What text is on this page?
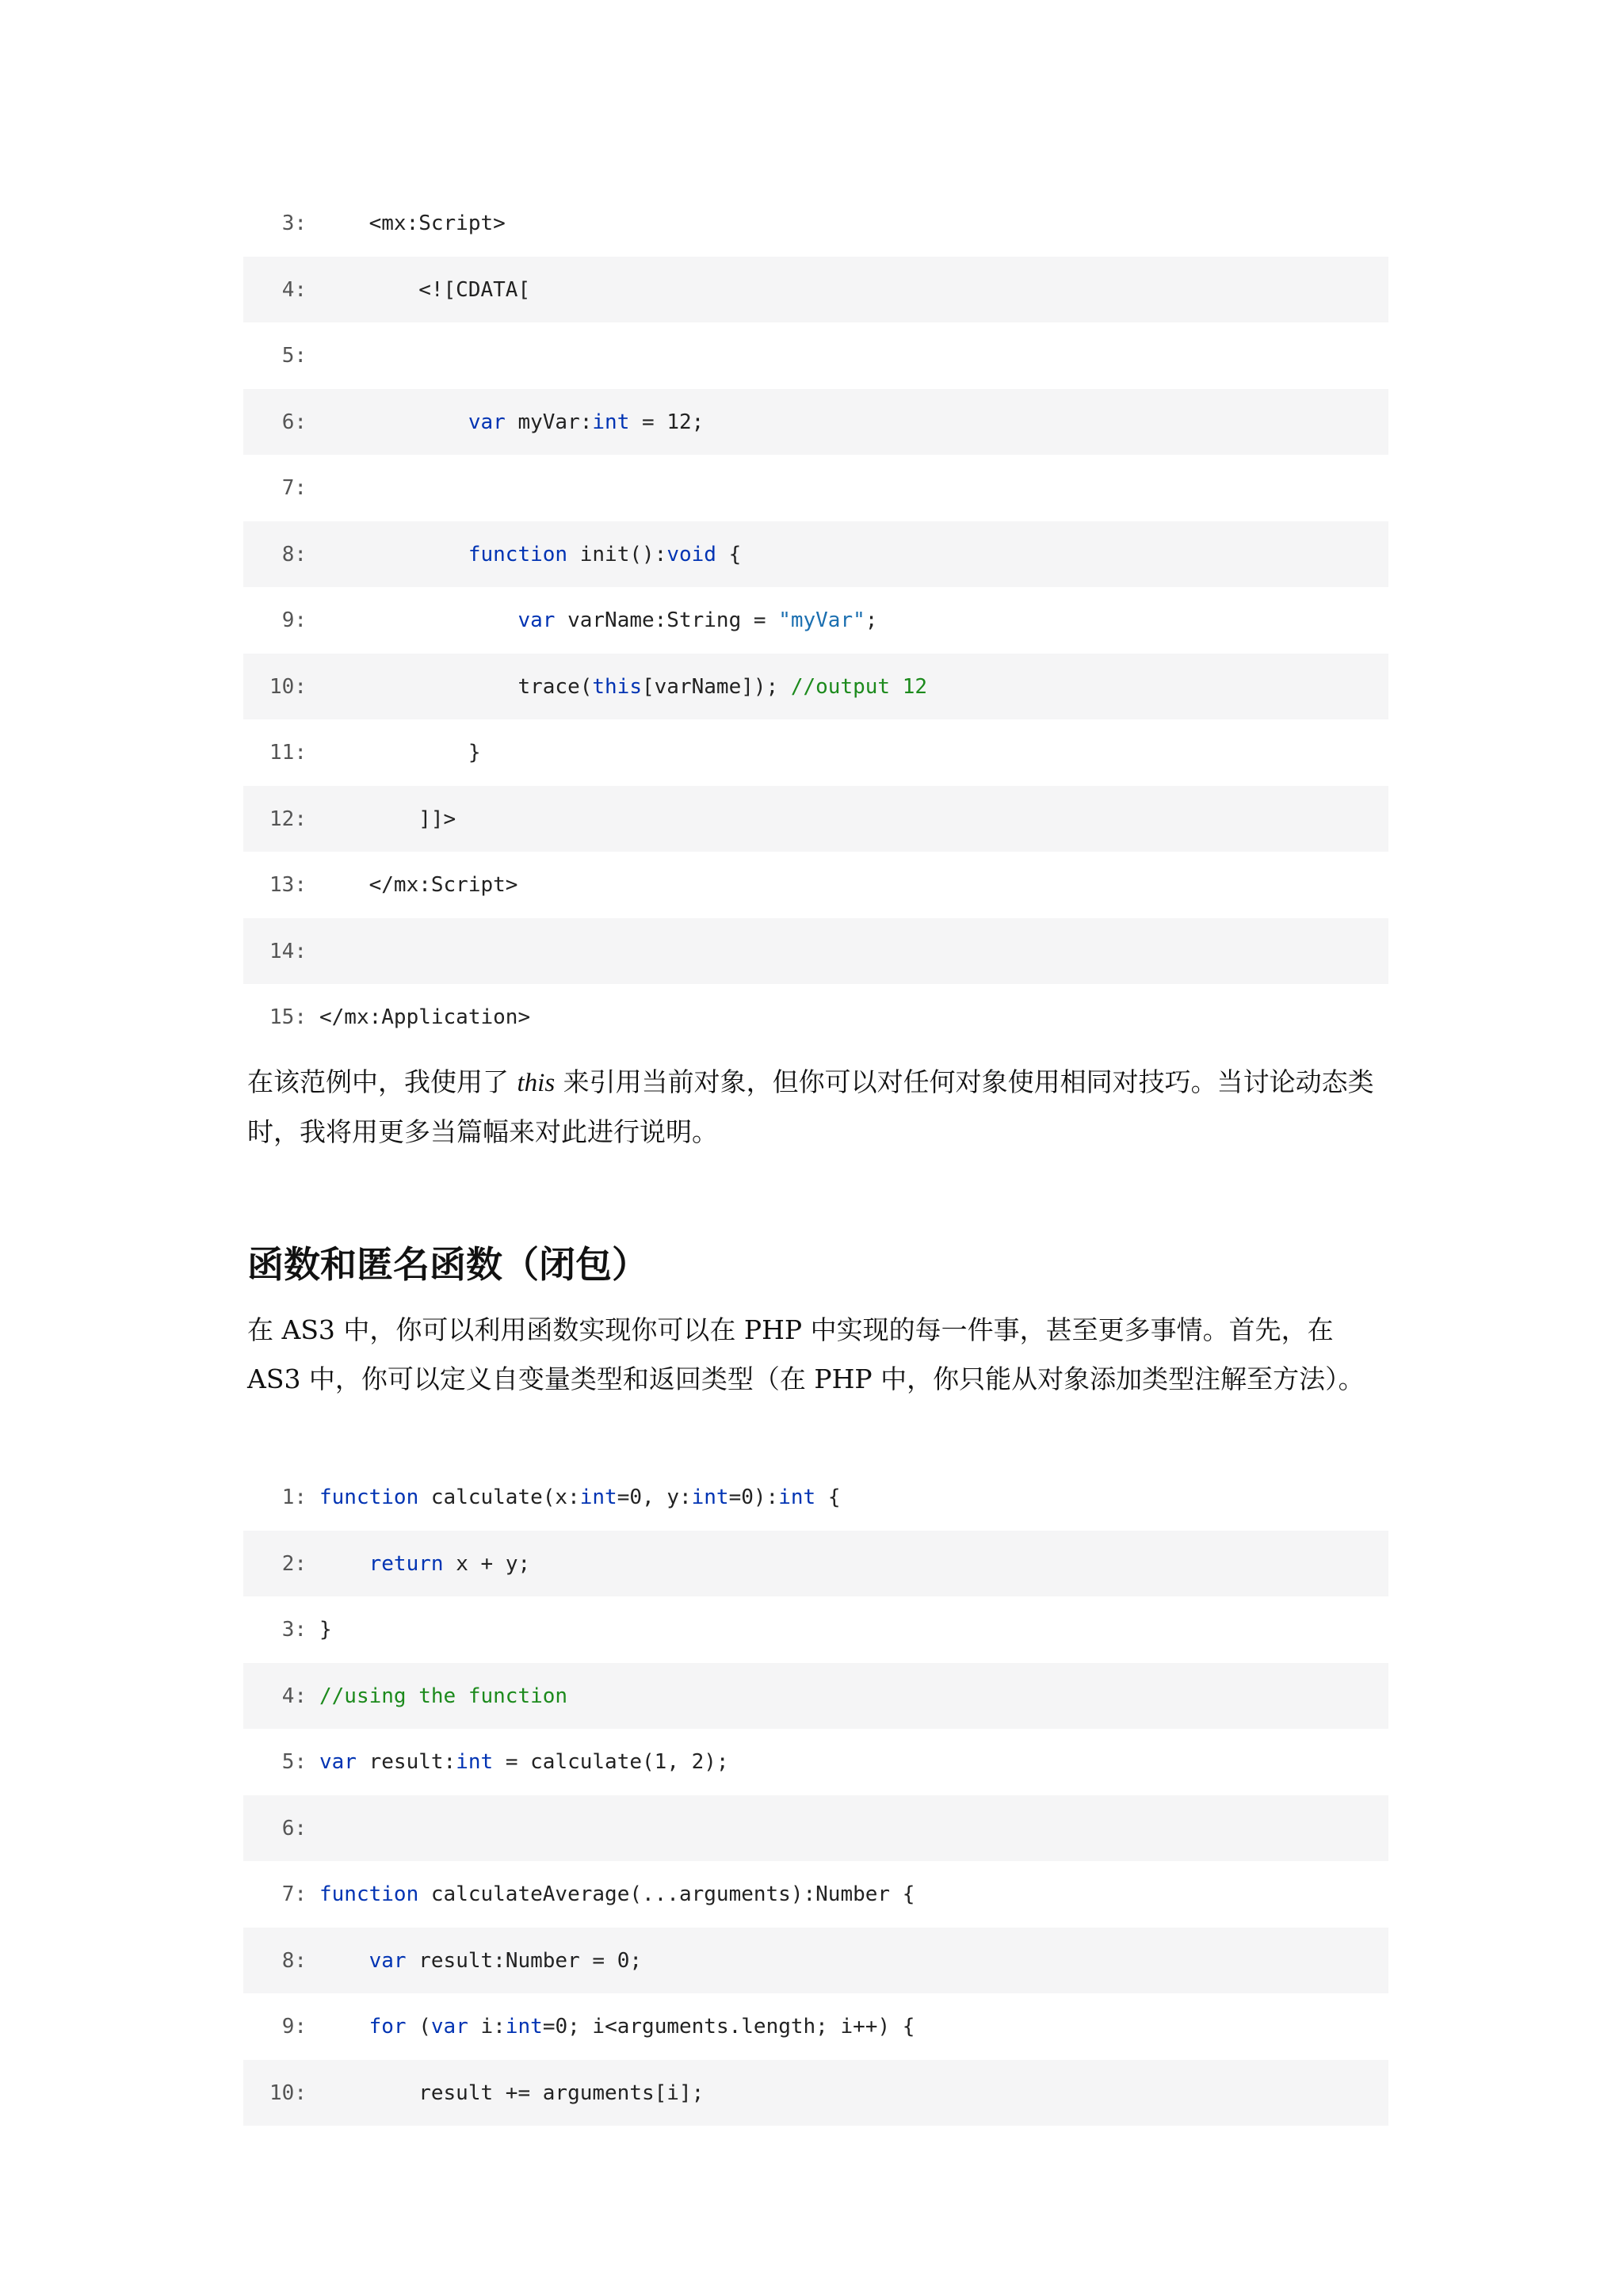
3: <mx:Script>
4: <![CDATA[
5:
6:	var myVar:int = 12;
7:
8:	function init():void {
9:	var varName:String = "myVar";
10: trace(this[varName]); //output 12
11: }
12: ]]>
13: </mx:Script>
14:
15: </mx:Application>
在该范例中，我使用了 this 来引用当前对象，但你可以对任何对象使用相同对技巧。当讨论动态类时，我将用更多当篇幅来对此进行说明。
函数和匿名函数（闭包）
在 AS3 中，你可以利用函数实现你可以在 PHP 中实现的每一件事，甚至更多事情。首先，在 AS3 中，你可以定义自变量类型和返回类型（在 PHP 中，你只能从对象添加类型注解至方法）。
1: function calculate(x:int=0, y:int=0):int {
2:	return x + y;
3: }
4: //using the function
5: var result:int = calculate(1, 2);
6:
7: function calculateAverage(...arguments):Number {
8:	var result:Number = 0;
9:	for (var i:int=0; i<arguments.length; i++) {
10: result += arguments[i];
